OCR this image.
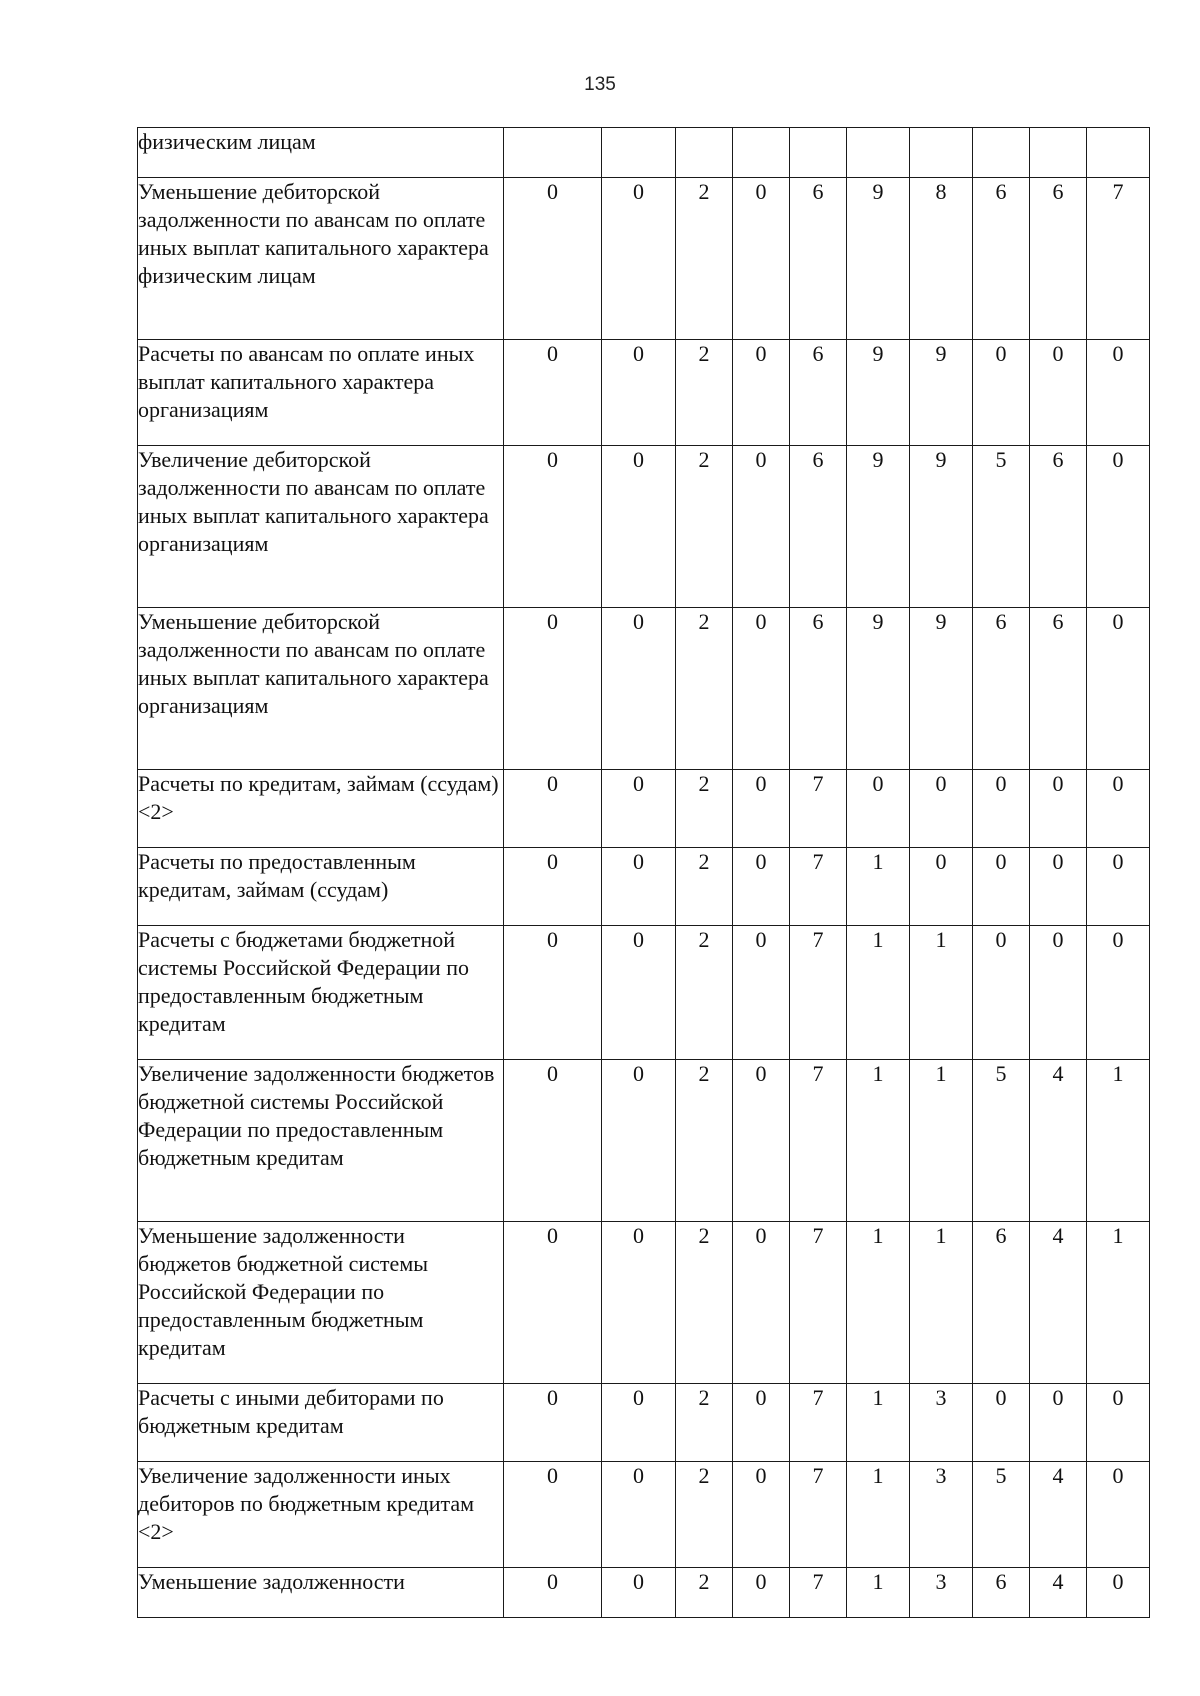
135
физическим лицам										
Уменьшение дебиторской задолженности по авансам по оплате иных выплат капитального характера физическим лицам	0	0	2	0	6	9	8	6	6	7
Расчеты по авансам по оплате иных выплат капитального характера организациям	0	0	2	0	6	9	9	0	0	0
Увеличение дебиторской задолженности по авансам по оплате иных выплат капитального характера организациям	0	0	2	0	6	9	9	5	6	0
Уменьшение дебиторской задолженности по авансам по оплате иных выплат капитального характера организациям	0	0	2	0	6	9	9	6	6	0
Расчеты по кредитам, займам (ссудам) <2>	0	0	2	0	7	0	0	0	0	0
Расчеты по предоставленным кредитам, займам (ссудам)	0	0	2	0	7	1	0	0	0	0
Расчеты с бюджетами бюджетной системы Российской Федерации по предоставленным бюджетным кредитам	0	0	2	0	7	1	1	0	0	0
Увеличение задолженности бюджетов бюджетной системы Российской Федерации по предоставленным бюджетным кредитам	0	0	2	0	7	1	1	5	4	1
Уменьшение задолженности бюджетов бюджетной системы Российской Федерации по предоставленным бюджетным кредитам	0	0	2	0	7	1	1	6	4	1
Расчеты с иными дебиторами по бюджетным кредитам	0	0	2	0	7	1	3	0	0	0
Увеличение задолженности иных дебиторов по бюджетным кредитам <2>	0	0	2	0	7	1	3	5	4	0
Уменьшение задолженности	0	0	2	0	7	1	3	6	4	0
